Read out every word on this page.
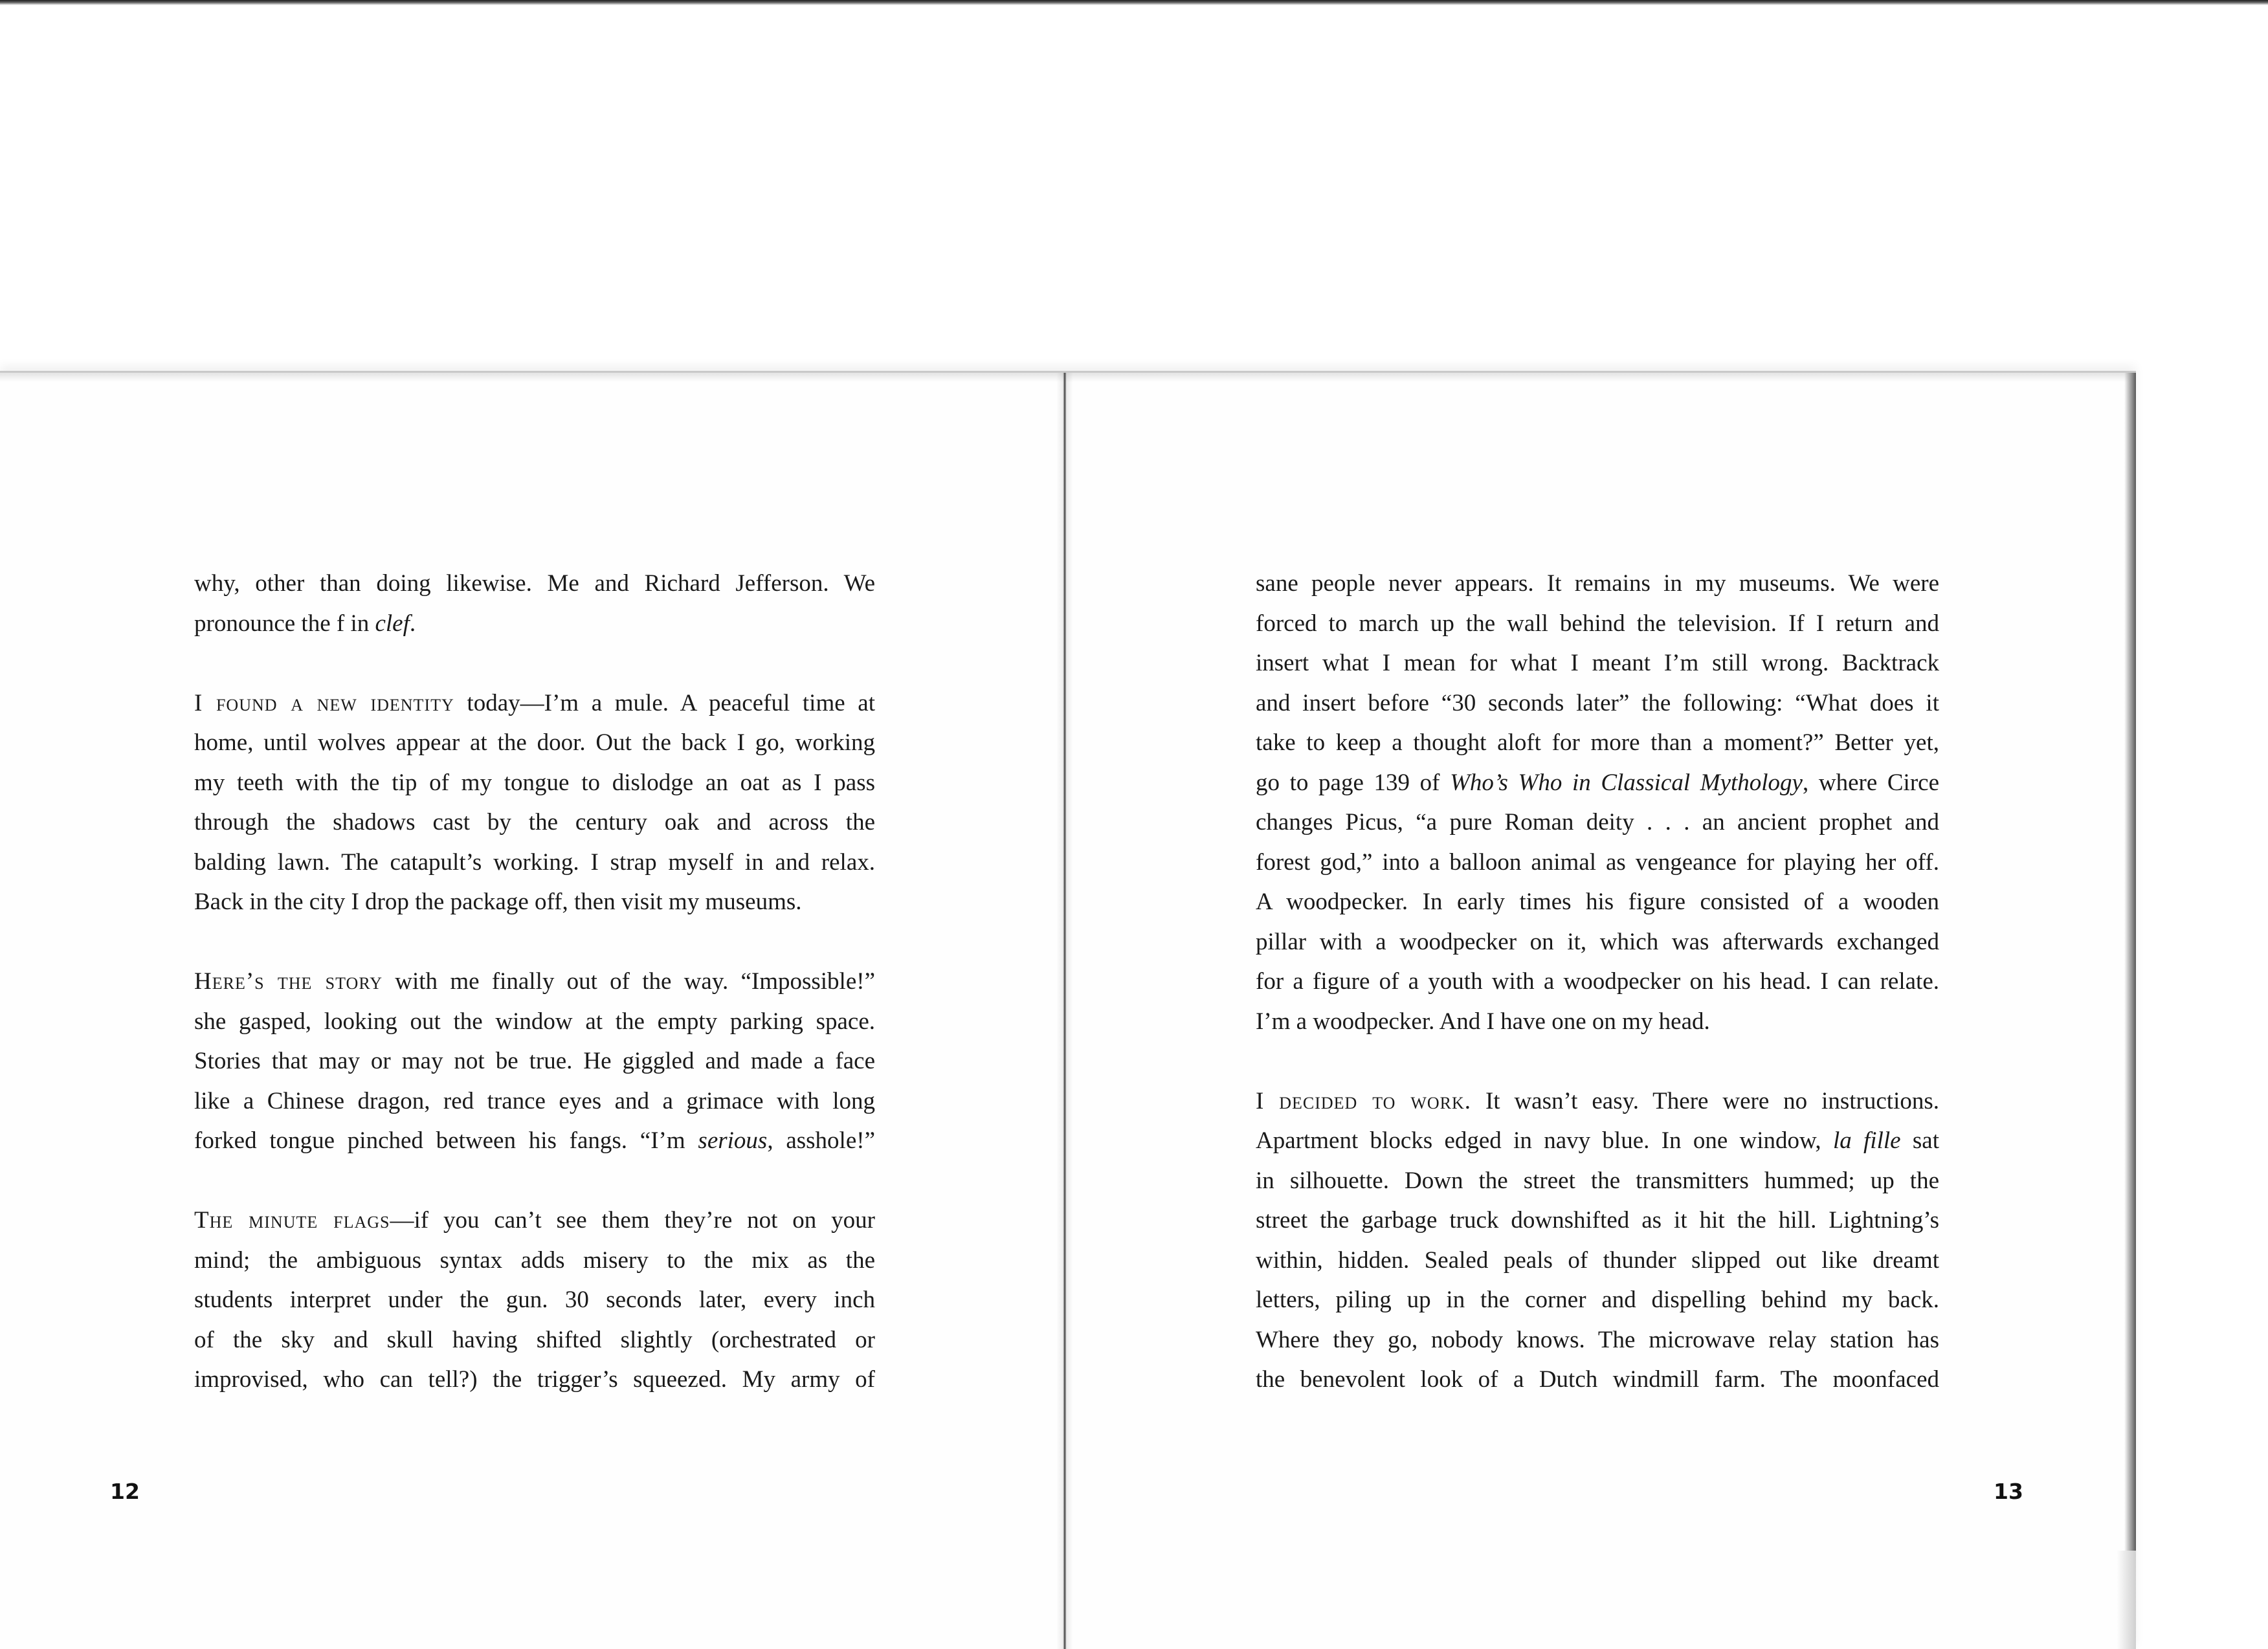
why, other than doing likewise. Me and Richard Jefferson. We
pronounce the f in clef.
I found a new identity today—I’m a mule. A peaceful time at
home, until wolves appear at the door. Out the back I go, working
my teeth with the tip of my tongue to dislodge an oat as I pass
through the shadows cast by the century oak and across the
balding lawn. The catapult’s working. I strap myself in and relax.
Back in the city I drop the package off, then visit my museums.
Here’s the story with me finally out of the way. “Impossible!”
she gasped, looking out the window at the empty parking space.
Stories that may or may not be true. He giggled and made a face
like a Chinese dragon, red trance eyes and a grimace with long
forked tongue pinched between his fangs. “I’m serious, asshole!”
The minute flags—if you can’t see them they’re not on your
mind; the ambiguous syntax adds misery to the mix as the
students interpret under the gun. 30 seconds later, every inch
of the sky and skull having shifted slightly (orchestrated or
improvised, who can tell?) the trigger’s squeezed. My army of
12
sane people never appears. It remains in my museums. We were
forced to march up the wall behind the television. If I return and
insert what I mean for what I meant I’m still wrong. Backtrack
and insert before “30 seconds later” the following: “What does it
take to keep a thought aloft for more than a moment?” Better yet,
go to page 139 of Who’s Who in Classical Mythology, where Circe
changes Picus, “a pure Roman deity . . . an ancient prophet and
forest god,” into a balloon animal as vengeance for playing her off.
A woodpecker. In early times his figure consisted of a wooden
pillar with a woodpecker on it, which was afterwards exchanged
for a figure of a youth with a woodpecker on his head. I can relate.
I’m a woodpecker. And I have one on my head.
I decided to work. It wasn’t easy. There were no instructions.
Apartment blocks edged in navy blue. In one window, la fille sat
in silhouette. Down the street the transmitters hummed; up the
street the garbage truck downshifted as it hit the hill. Lightning’s
within, hidden. Sealed peals of thunder slipped out like dreamt
letters, piling up in the corner and dispelling behind my back.
Where they go, nobody knows. The microwave relay station has
the benevolent look of a Dutch windmill farm. The moonfaced
13
